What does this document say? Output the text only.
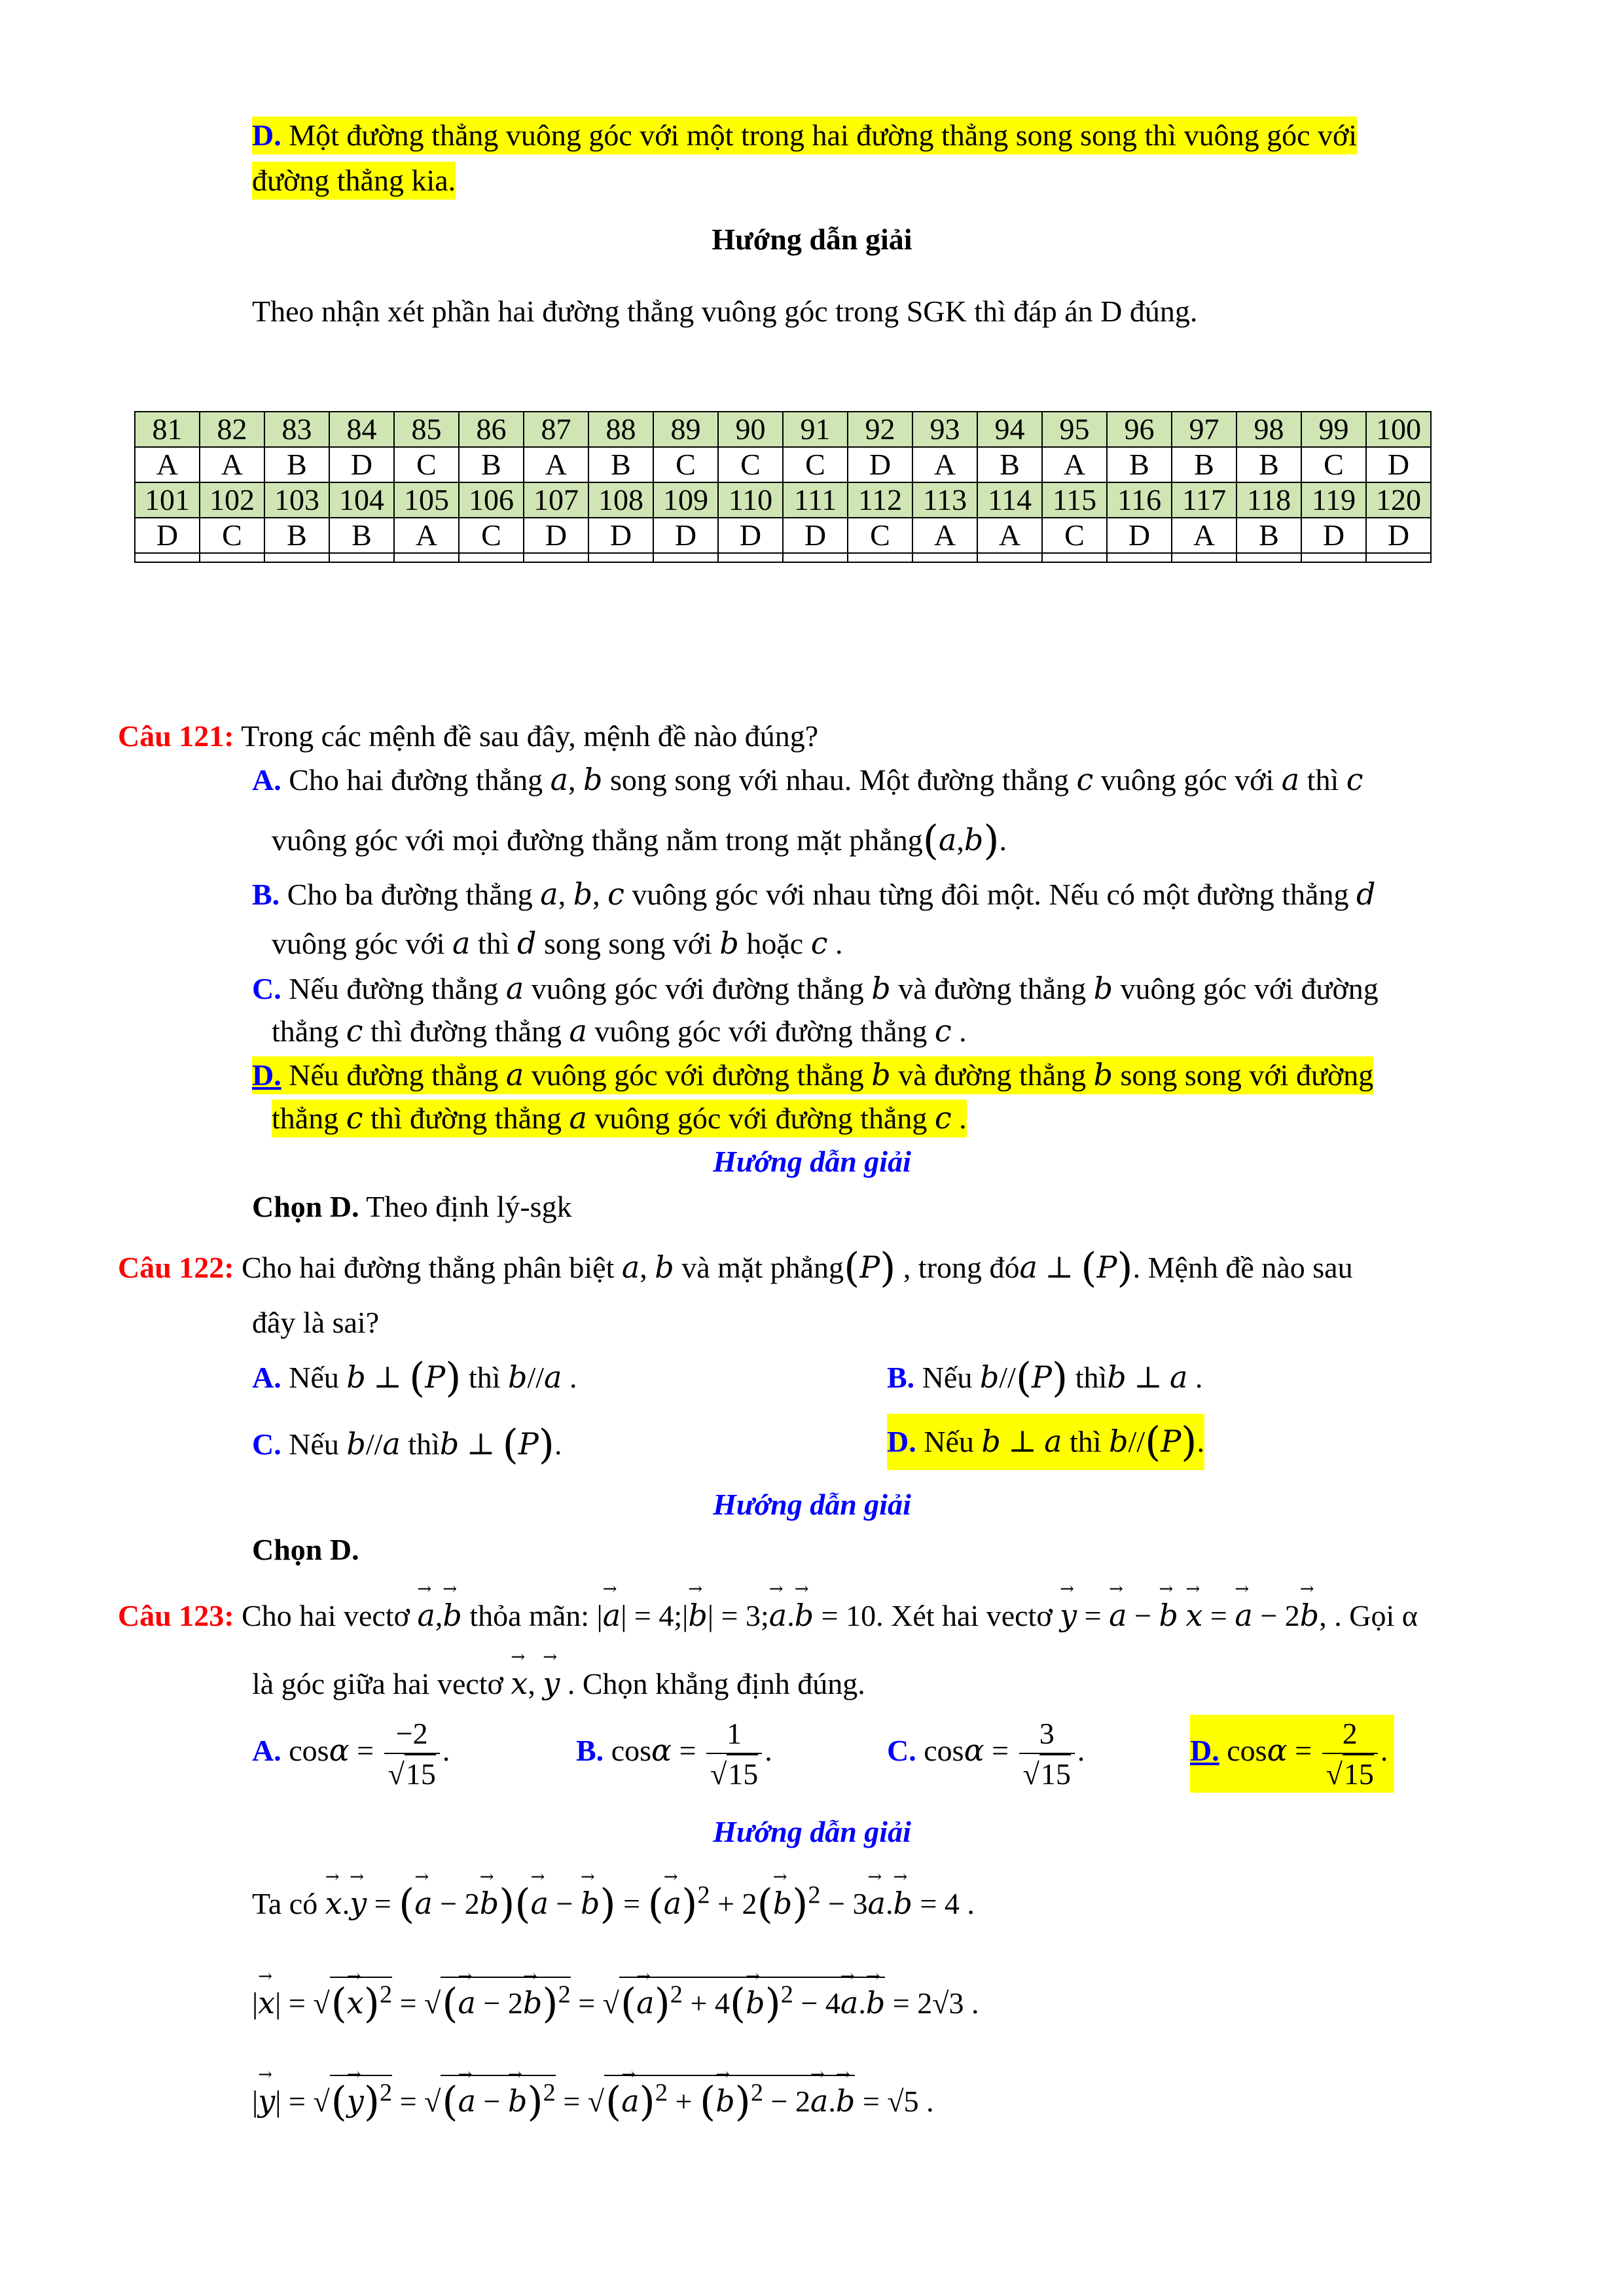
D. Một đường thẳng vuông góc với một trong hai đường thẳng song song thì vuông góc với
đường thẳng kia.
Hướng dẫn giải
Theo nhận xét phần hai đường thẳng vuông góc trong SGK thì đáp án D đúng.
81	82	83	84	85	86	87	88	89	90	91	92	93	94	95	96	97	98	99	100
A	A	B	D	C	B	A	B	C	C	C	D	A	B	A	B	B	B	C	D
101	102	103	104	105	106	107	108	109	110	111	112	113	114	115	116	117	118	119	120
D	C	B	B	A	C	D	D	D	D	D	C	A	A	C	D	A	B	D	D

Câu 121: Trong các mệnh đề sau đây, mệnh đề nào đúng?
A. Cho hai đường thẳng a, b song song với nhau. Một đường thẳng c vuông góc với a thì c
vuông góc với mọi đường thẳng nằm trong mặt phẳng(a,b).
B. Cho ba đường thẳng a, b, c vuông góc với nhau từng đôi một. Nếu có một đường thẳng d
vuông góc với a thì d song song với b hoặc c .
C. Nếu đường thẳng a vuông góc với đường thẳng b và đường thẳng b vuông góc với đường
thẳng c thì đường thẳng a vuông góc với đường thẳng c .
D. Nếu đường thẳng a vuông góc với đường thẳng b và đường thẳng b song song với đường
thẳng c thì đường thẳng a vuông góc với đường thẳng c .
Hướng dẫn giải
Chọn D. Theo định lý-sgk
Câu 122: Cho hai đường thẳng phân biệt a, b và mặt phẳng(P) , trong đóa ⊥ (P). Mệnh đề nào sau
đây là sai?
A. Nếu b ⊥ (P) thì b//a .	B. Nếu b//(P) thìb ⊥ a .
C. Nếu b//a thìb ⊥ (P).	D. Nếu b ⊥ a thì b//(P).
Hướng dẫn giải
Chọn D.
Câu 123: Cho hai vectơ → a,→ b thỏa mãn: |→ a| = 4;|→ b| = 3;→ a.→ b = 10. Xét hai vectơ → y = → a − → b → x = → a − 2→ b, . Gọi α
là góc giữa hai vectơ → x, → y . Chọn khẳng định đúng.
A. $\cos\alpha = \frac{-2}{√15}$ .	B. $\cos\alpha = \frac{1}{√15}$ .	C. $\cos\alpha = \frac{3}{√15}$ .	D. $\cos\alpha = \frac{2}{√15}$ .
Hướng dẫn giải
Ta có → x.→ y = (→ a − 2→ b)(→ a − → b) = (→ $a)^2 + 2(\to b)^2 - 3\to a.\to b = 4$ .
|→ x| = √(→ x)$^2$ = √(→ a − 2→ b)$^2$ = √(→ $a)^2 + 4(\to b)^2 - 4\to a.\to b = 2√3$ .
|→ y| = √(→ y)$^2$ = √(→ a − → b)$^2$ = √(→ a)$^2$ + (→ b)$^2$ − 2→ a.→ b = √5 .
